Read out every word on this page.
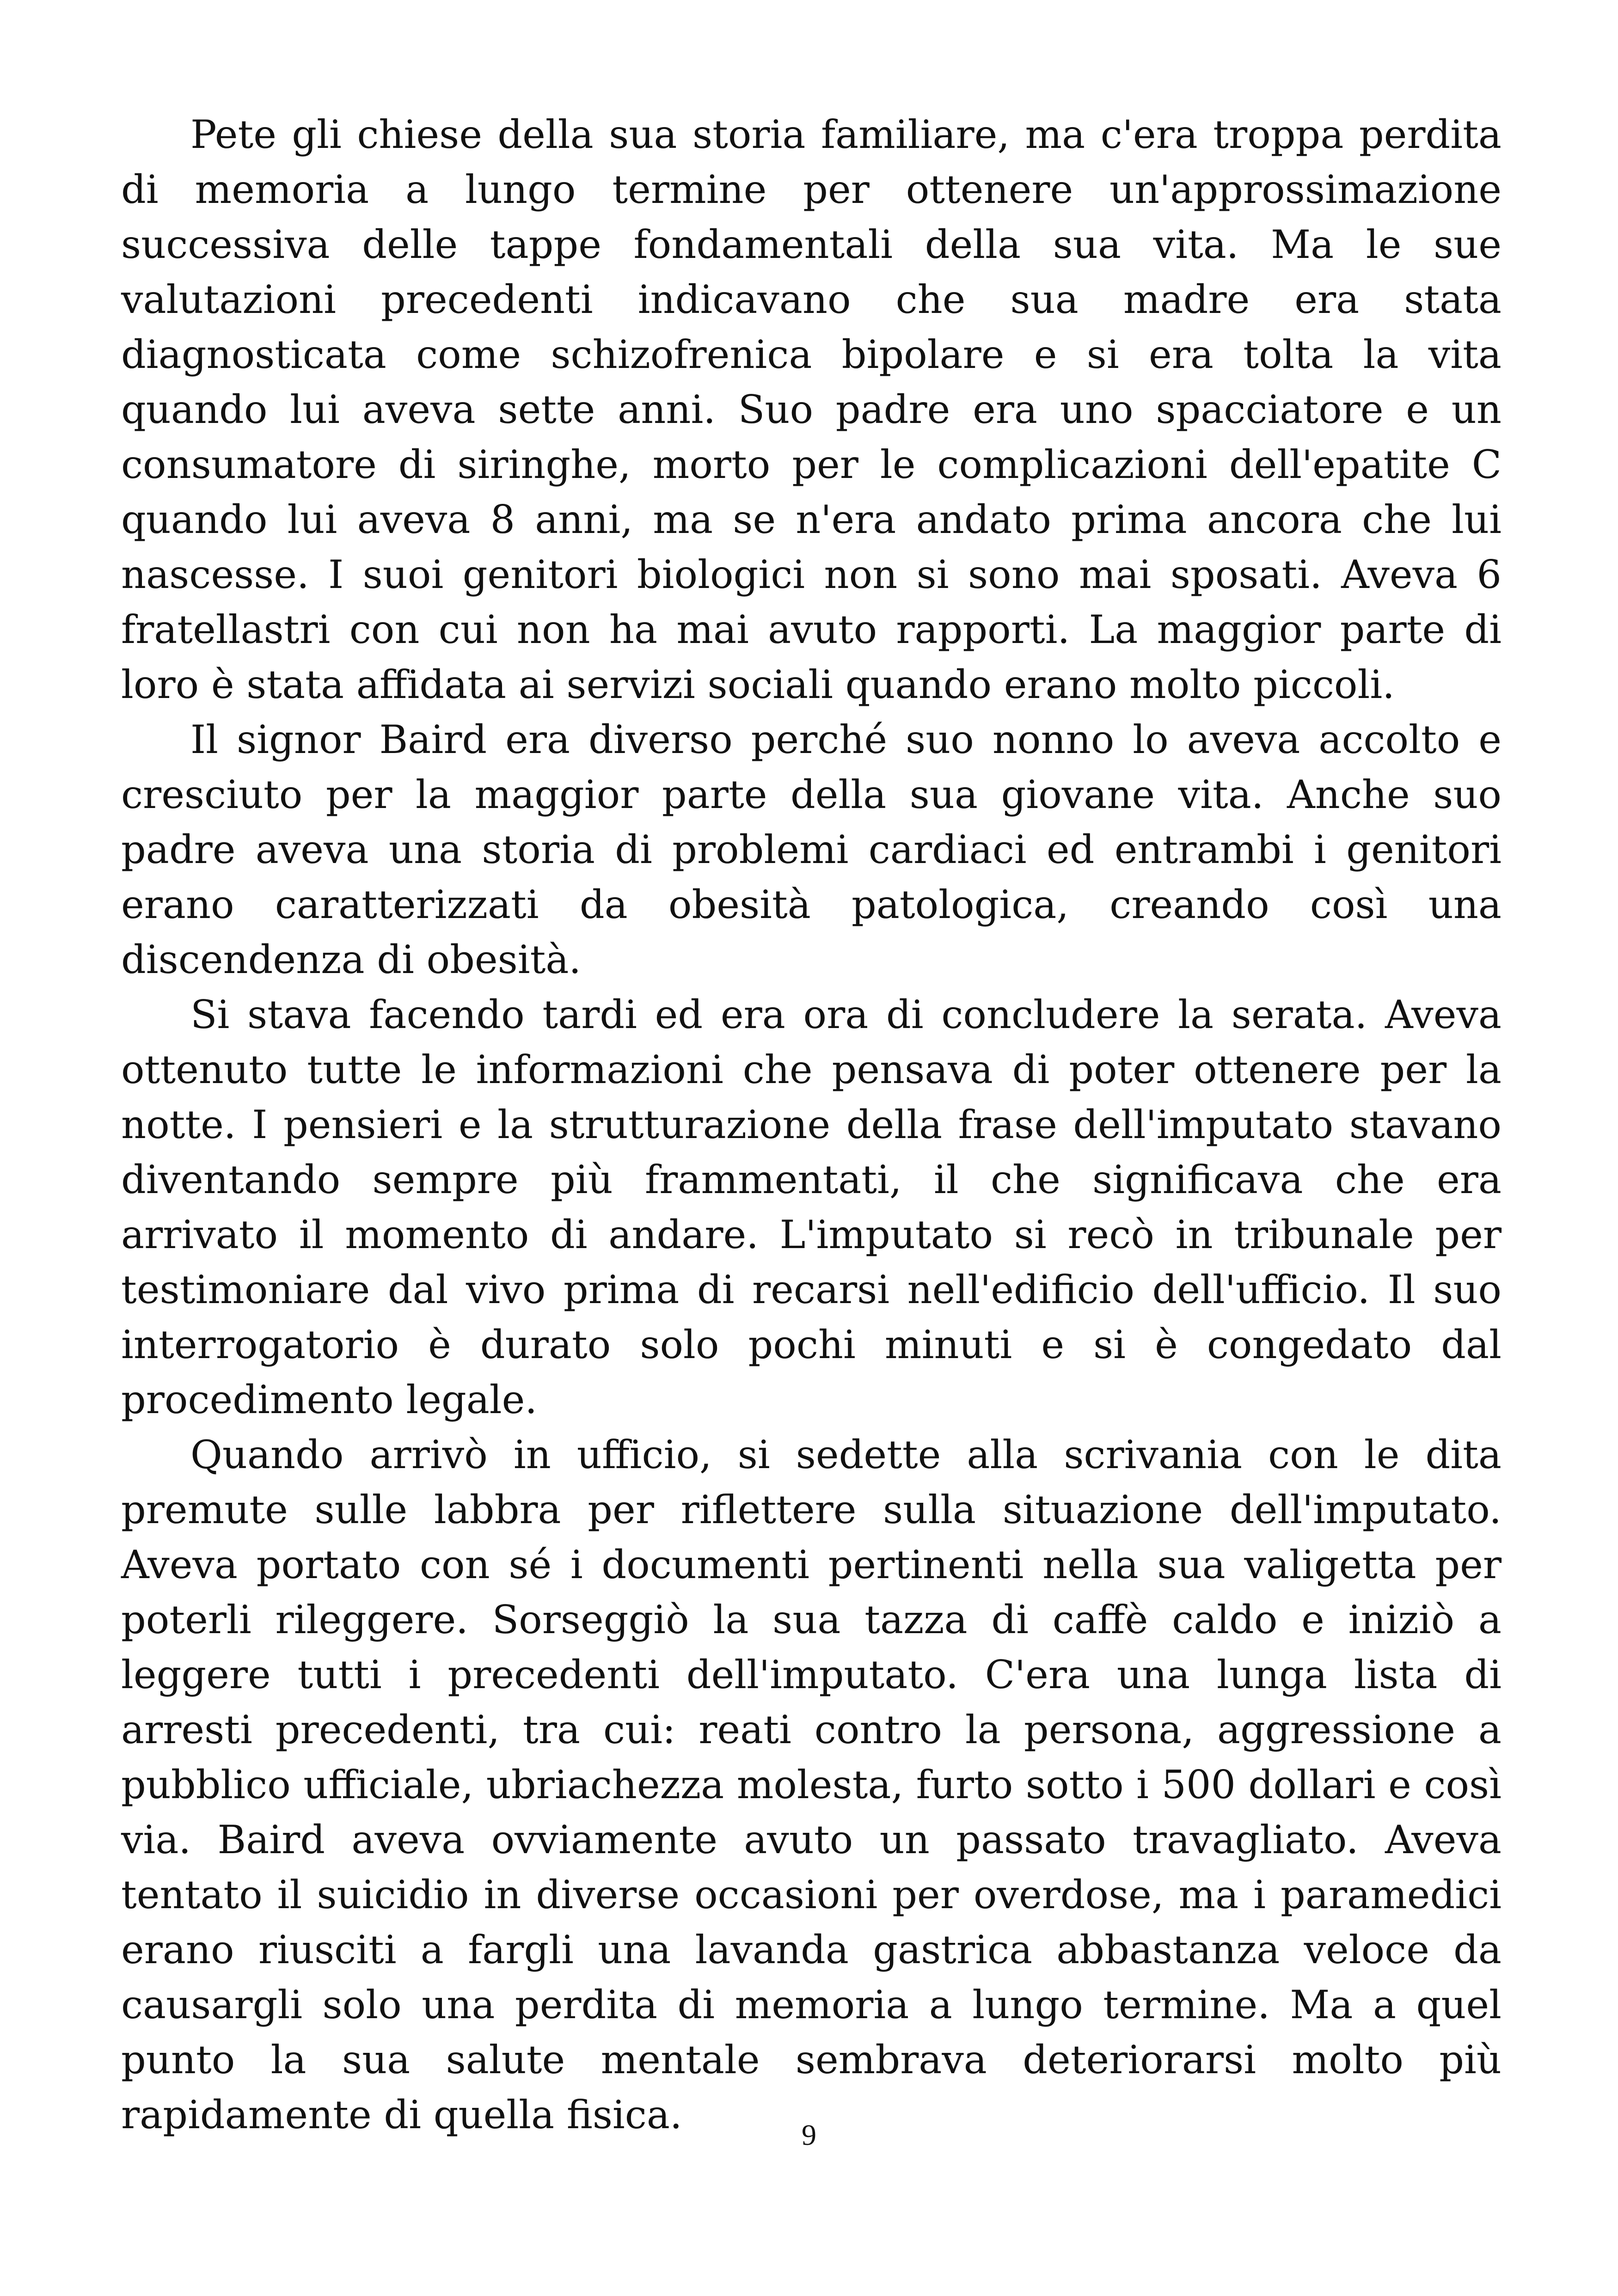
Pete gli chiese della sua storia familiare, ma c'era troppa perdita di memoria a lungo termine per ottenere un'approssimazione successiva delle tappe fondamentali della sua vita. Ma le sue valutazioni precedenti indicavano che sua madre era stata diagnosticata come schizofrenica bipolare e si era tolta la vita quando lui aveva sette anni. Suo padre era uno spacciatore e un consumatore di siringhe, morto per le complicazioni dell'epatite C quando lui aveva 8 anni, ma se n'era andato prima ancora che lui nascesse. I suoi genitori biologici non si sono mai sposati. Aveva 6 fratellastri con cui non ha mai avuto rapporti. La maggior parte di loro è stata affidata ai servizi sociali quando erano molto piccoli.

Il signor Baird era diverso perché suo nonno lo aveva accolto e cresciuto per la maggior parte della sua giovane vita. Anche suo padre aveva una storia di problemi cardiaci ed entrambi i genitori erano caratterizzati da obesità patologica, creando così una discendenza di obesità.

Si stava facendo tardi ed era ora di concludere la serata. Aveva ottenuto tutte le informazioni che pensava di poter ottenere per la notte. I pensieri e la strutturazione della frase dell'imputato stavano diventando sempre più frammentati, il che significava che era arrivato il momento di andare. L'imputato si recò in tribunale per testimoniare dal vivo prima di recarsi nell'edificio dell'ufficio. Il suo interrogatorio è durato solo pochi minuti e si è congedato dal procedimento legale.

Quando arrivò in ufficio, si sedette alla scrivania con le dita premute sulle labbra per riflettere sulla situazione dell'imputato. Aveva portato con sé i documenti pertinenti nella sua valigetta per poterli rileggere. Sorseggiò la sua tazza di caffè caldo e iniziò a leggere tutti i precedenti dell'imputato. C'era una lunga lista di arresti precedenti, tra cui: reati contro la persona, aggressione a pubblico ufficiale, ubriachezza molesta, furto sotto i 500 dollari e così via. Baird aveva ovviamente avuto un passato travagliato. Aveva tentato il suicidio in diverse occasioni per overdose, ma i paramedici erano riusciti a fargli una lavanda gastrica abbastanza veloce da causargli solo una perdita di memoria a lungo termine. Ma a quel punto la sua salute mentale sembrava deteriorarsi molto più rapidamente di quella fisica.	9
